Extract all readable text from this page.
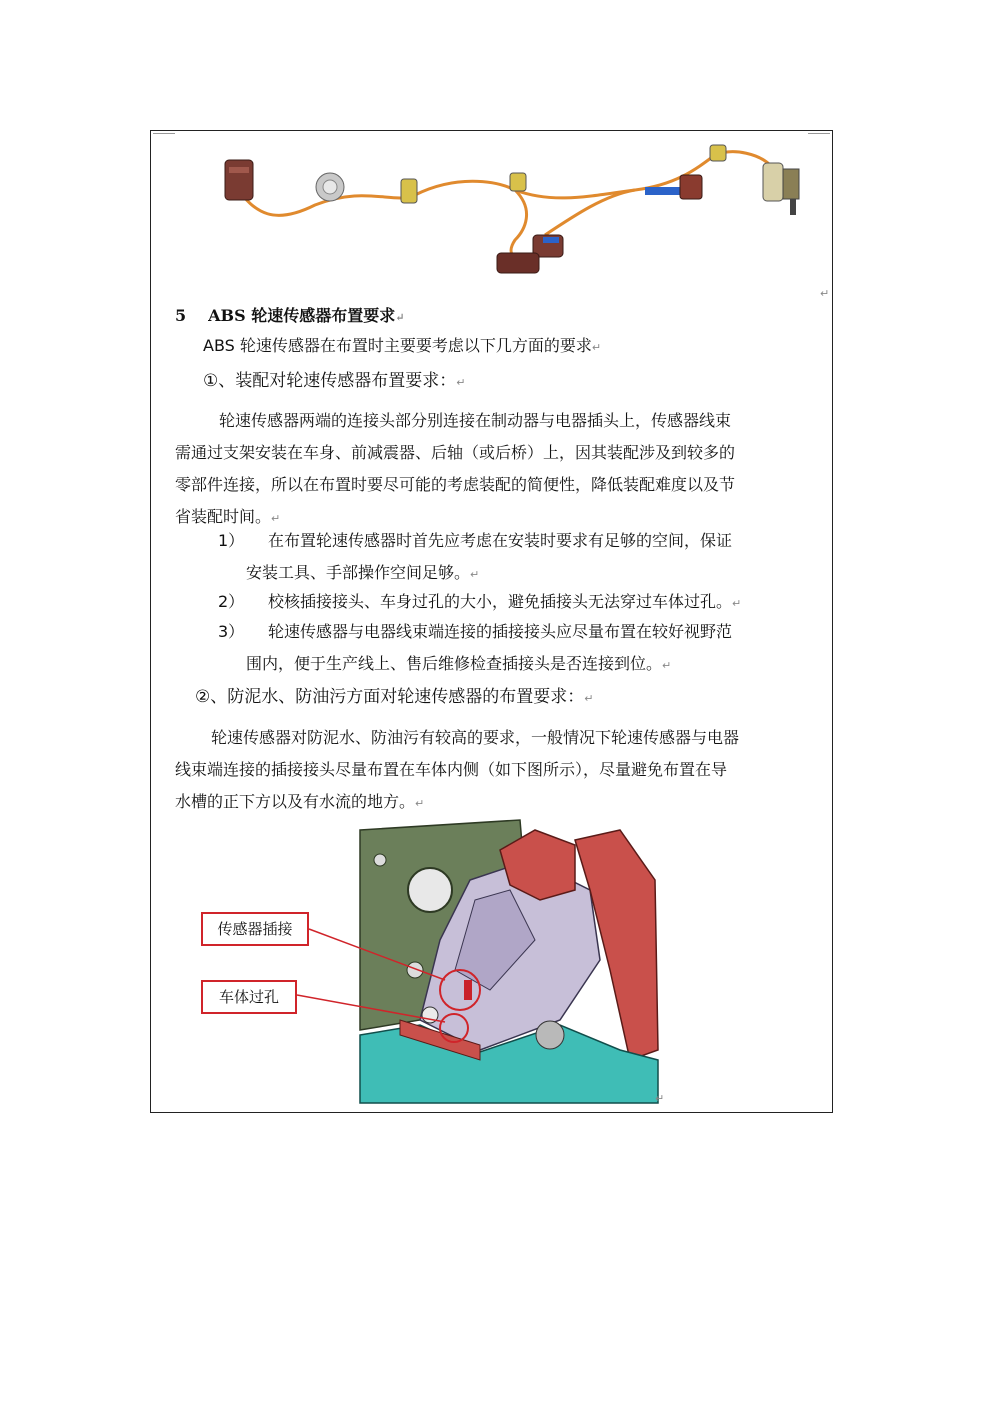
↵
5 ABS 轮速传感器布置要求↵
ABS 轮速传感器在布置时主要要考虑以下几方面的要求↵
①、装配对轮速传感器布置要求：↵
轮速传感器两端的连接头部分别连接在制动器与电器插头上，传感器线束
需通过支架安装在车身、前减震器、后轴（或后桥）上，因其装配涉及到较多的
零部件连接，所以在布置时要尽可能的考虑装配的简便性，降低装配难度以及节
省装配时间。↵
1） 在布置轮速传感器时首先应考虑在安装时要求有足够的空间，保证
安装工具、手部操作空间足够。↵
2） 校核插接接头、车身过孔的大小，避免插接头无法穿过车体过孔。↵
3） 轮速传感器与电器线束端连接的插接接头应尽量布置在较好视野范
围内，便于生产线上、售后维修检查插接头是否连接到位。↵
②、防泥水、防油污方面对轮速传感器的布置要求：↵
轮速传感器对防泥水、防油污有较高的要求，一般情况下轮速传感器与电器
线束端连接的插接接头尽量布置在车体内侧（如下图所示），尽量避免布置在导
水槽的正下方以及有水流的地方。↵
↵
传感器插接
车体过孔
